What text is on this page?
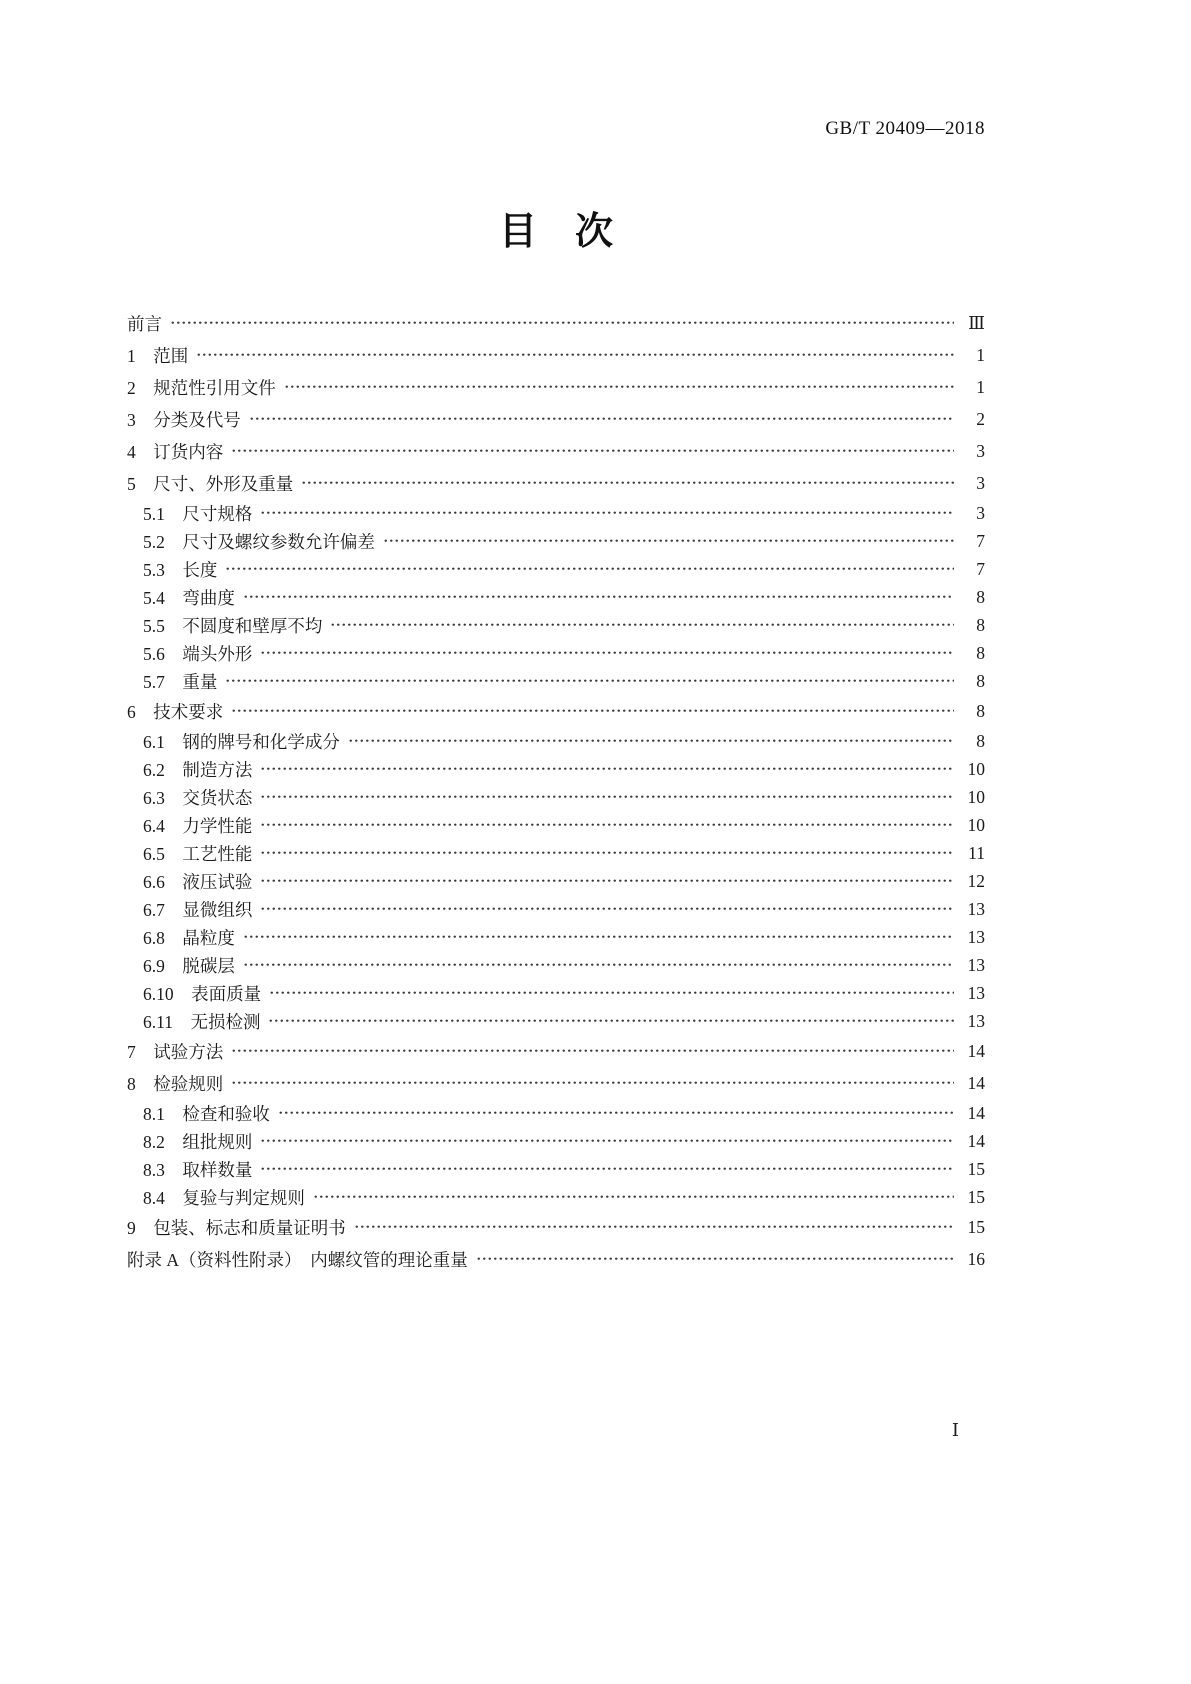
GB/T 20409—2018
目　次
前言	Ⅲ
1　范围	1
2　规范性引用文件	1
3　分类及代号	2
4　订货内容	3
5　尺寸、外形及重量	3
5.1　尺寸规格	3
5.2　尺寸及螺纹参数允许偏差	7
5.3　长度	7
5.4　弯曲度	8
5.5　不圆度和壁厚不均	8
5.6　端头外形	8
5.7　重量	8
6　技术要求	8
6.1　钢的牌号和化学成分	8
6.2　制造方法	10
6.3　交货状态	10
6.4　力学性能	10
6.5　工艺性能	11
6.6　液压试验	12
6.7　显微组织	13
6.8　晶粒度	13
6.9　脱碳层	13
6.10　表面质量	13
6.11　无损检测	13
7　试验方法	14
8　检验规则	14
8.1　检查和验收	14
8.2　组批规则	14
8.3　取样数量	15
8.4　复验与判定规则	15
9　包装、标志和质量证明书	15
附录 A（资料性附录）　内螺纹管的理论重量	16
Ⅰ
